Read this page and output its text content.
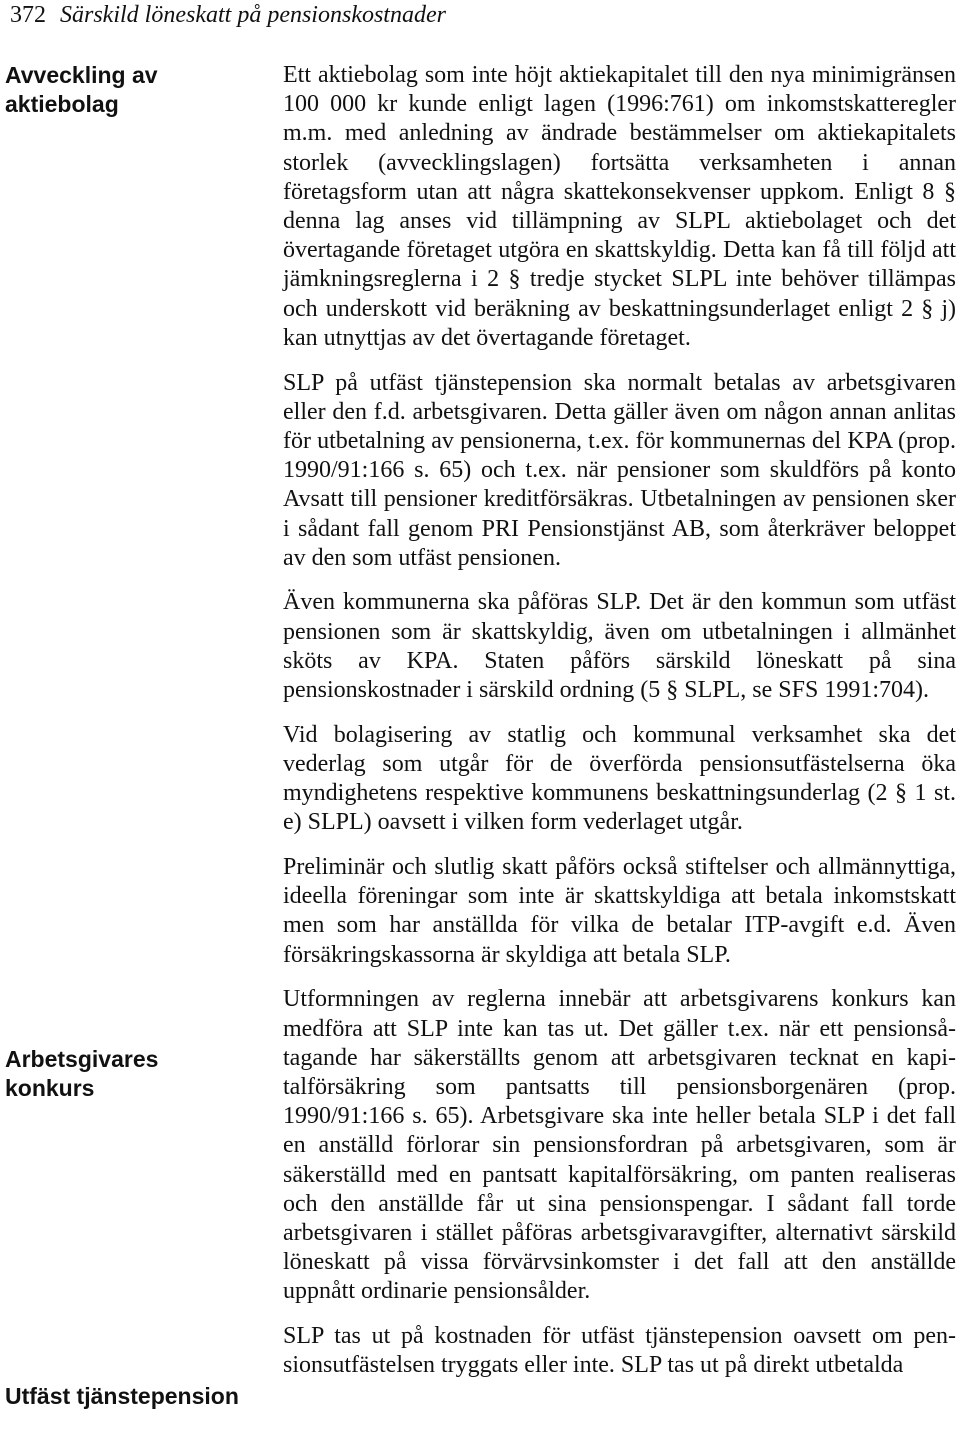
372 Särskild löneskatt på pensionskostnader
Avveckling av aktiebolag
Arbetsgivares konkurs
Utfäst tjänstepension

Ett aktiebolag som inte höjt aktiekapitalet till den nya minimigränsen 100 000 kr kunde enligt lagen (1996:761) om inkomstskatteregler m.m. med anledning av ändrade bestämmelser om aktiekapitalets storlek (avvecklingslagen) fortsätta verksamheten i annan företagsform utan att några skattekonsekvenser uppkom. Enligt 8 § denna lag anses vid tillämpning av SLPL aktiebolaget och det övertagande företaget utgöra en skattskyldig. Detta kan få till följd att jämkningsreglerna i 2 § tredje stycket SLPL inte behöver tillämpas och underskott vid beräkning av beskattningsunderlaget enligt 2 § j) kan utnyttjas av det övertagande företaget.

SLP på utfäst tjänstepension ska normalt betalas av arbetsgivaren eller den f.d. arbetsgivaren. Detta gäller även om någon annan anlitas för utbetalning av pensionerna, t.ex. för kommunernas del KPA (prop. 1990/91:166 s. 65) och t.ex. när pensioner som skuldförs på konto Avsatt till pensioner kreditförsäkras. Utbetalningen av pensionen sker i sådant fall genom PRI Pensionstjänst AB, som återkräver beloppet av den som utfäst pensionen.

Även kommunerna ska påföras SLP. Det är den kommun som utfäst pensionen som är skattskyldig, även om utbetalningen i allmänhet sköts av KPA. Staten påförs särskild löneskatt på sina pensionskostnader i särskild ordning (5 § SLPL, se SFS 1991:704).

Vid bolagisering av statlig och kommunal verksamhet ska det vederlag som utgår för de överförda pensionsutfästelserna öka myndighetens respektive kommunens beskattningsunderlag (2 § 1 st. e) SLPL) oavsett i vilken form vederlaget utgår.

Preliminär och slutlig skatt påförs också stiftelser och allmännyttiga, ideella föreningar som inte är skattskyldiga att betala inkomstskatt men som har anställda för vilka de betalar ITP-avgift e.d. Även försäkringskassorna är skyldiga att betala SLP.

Utformningen av reglerna innebär att arbetsgivarens konkurs kan medföra att SLP inte kan tas ut. Det gäller t.ex. när ett pensionsåtagande har säkerställts genom att arbetsgivaren tecknat en kapitalförsäkring som pantsatts till pensionsborgenären (prop. 1990/91:166 s. 65). Arbetsgivare ska inte heller betala SLP i det fall en anställd förlorar sin pensionsfordran på arbetsgivaren, som är säkerställd med en pantsatt kapitalförsäkring, om panten realiseras och den anställde får ut sina pensionspengar. I sådant fall torde arbetsgivaren i stället påföras arbetsgivaravgifter, alternativt särskild löneskatt på vissa förvärvsinkomster i det fall att den anställde uppnått ordinarie pensionsålder.

SLP tas ut på kostnaden för utfäst tjänstepension oavsett om pensionsutfästelsen tryggats eller inte. SLP tas ut på direkt utbetalda
